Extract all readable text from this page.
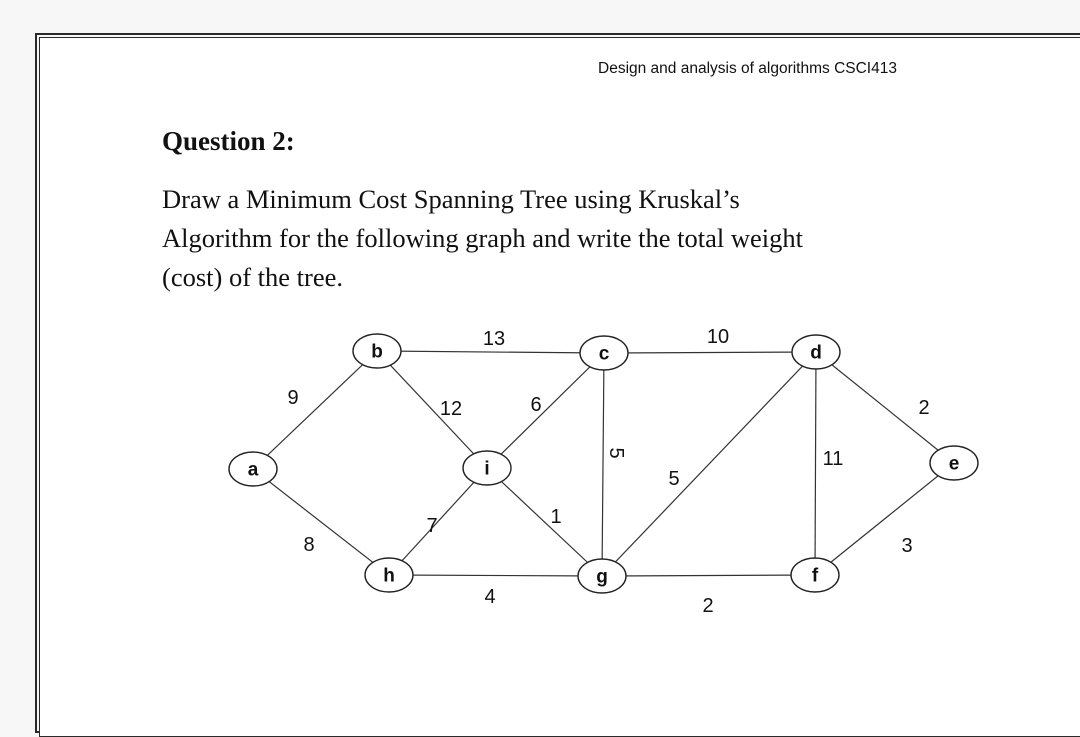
Design and analysis of algorithms CSCI413
Question 2:
Draw a Minimum Cost Spanning Tree using Kruskal’s
Algorithm for the following graph and write the total weight
(cost) of the tree.
9
8
13
12
10
6
5
5
11
2
3
7
4
1
2
a
b	c	d
e
f
g
h
i
